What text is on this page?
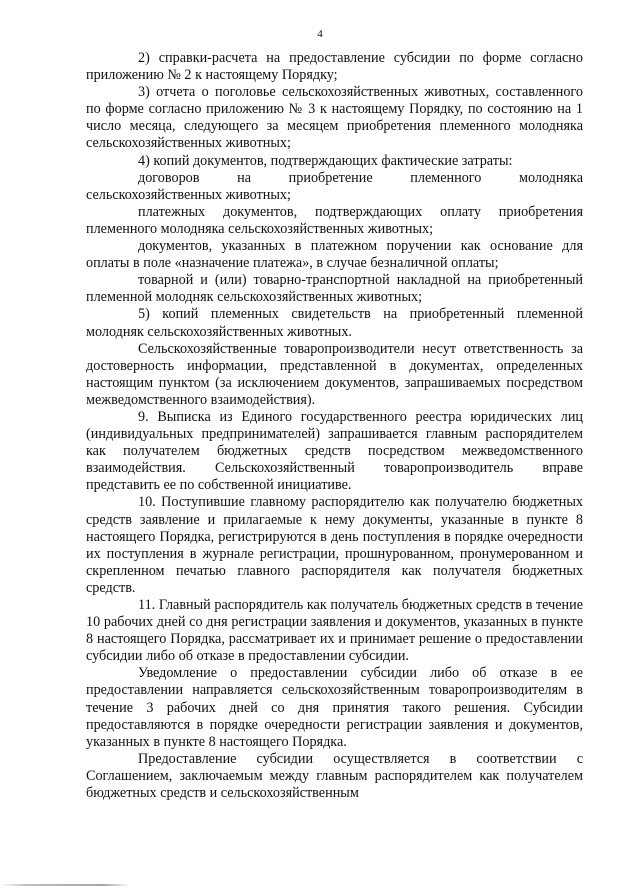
4

2) справки-расчета на предоставление субсидии по форме согласно приложению № 2 к настоящему Порядку;

3) отчета о поголовье сельскохозяйственных животных, составленного по форме согласно приложению № 3 к настоящему Порядку, по состоянию на 1 число месяца, следующего за месяцем приобретения племенного молодняка сельскохозяйственных животных;

4) копий документов, подтверждающих фактические затраты:

договоров на приобретение племенного молодняка сельскохозяйственных животных;

платежных документов, подтверждающих оплату приобретения племенного молодняка сельскохозяйственных животных;

документов, указанных в платежном поручении как основание для оплаты в поле «назначение платежа», в случае безналичной оплаты;

товарной и (или) товарно-транспортной накладной на приобретенный племенной молодняк сельскохозяйственных животных;

5) копий племенных свидетельств на приобретенный племенной молодняк сельскохозяйственных животных.

Сельскохозяйственные товаропроизводители несут ответственность за достоверность информации, представленной в документах, определенных настоящим пунктом (за исключением документов, запрашиваемых посредством межведомственного взаимодействия).

9. Выписка из Единого государственного реестра юридических лиц (индивидуальных предпринимателей) запрашивается главным распорядителем как получателем бюджетных средств посредством межведомственного взаимодействия. Сельскохозяйственный товаропроизводитель вправе представить ее по собственной инициативе.

10. Поступившие главному распорядителю как получателю бюджетных средств заявление и прилагаемые к нему документы, указанные в пункте 8 настоящего Порядка, регистрируются в день поступления в порядке очередности их поступления в журнале регистрации, прошнурованном, пронумерованном и скрепленном печатью главного распорядителя как получателя бюджетных средств.

11. Главный распорядитель как получатель бюджетных средств в течение 10 рабочих дней со дня регистрации заявления и документов, указанных в пункте 8 настоящего Порядка, рассматривает их и принимает решение о предоставлении субсидии либо об отказе в предоставлении субсидии.

Уведомление о предоставлении субсидии либо об отказе в ее предоставлении направляется сельскохозяйственным товаропроизводителям в течение 3 рабочих дней со дня принятия такого решения. Субсидии предоставляются в порядке очередности регистрации заявления и документов, указанных в пункте 8 настоящего Порядка.

Предоставление субсидии осуществляется в соответствии с Соглашением, заключаемым между главным распорядителем как получателем бюджетных средств и сельскохозяйственным
